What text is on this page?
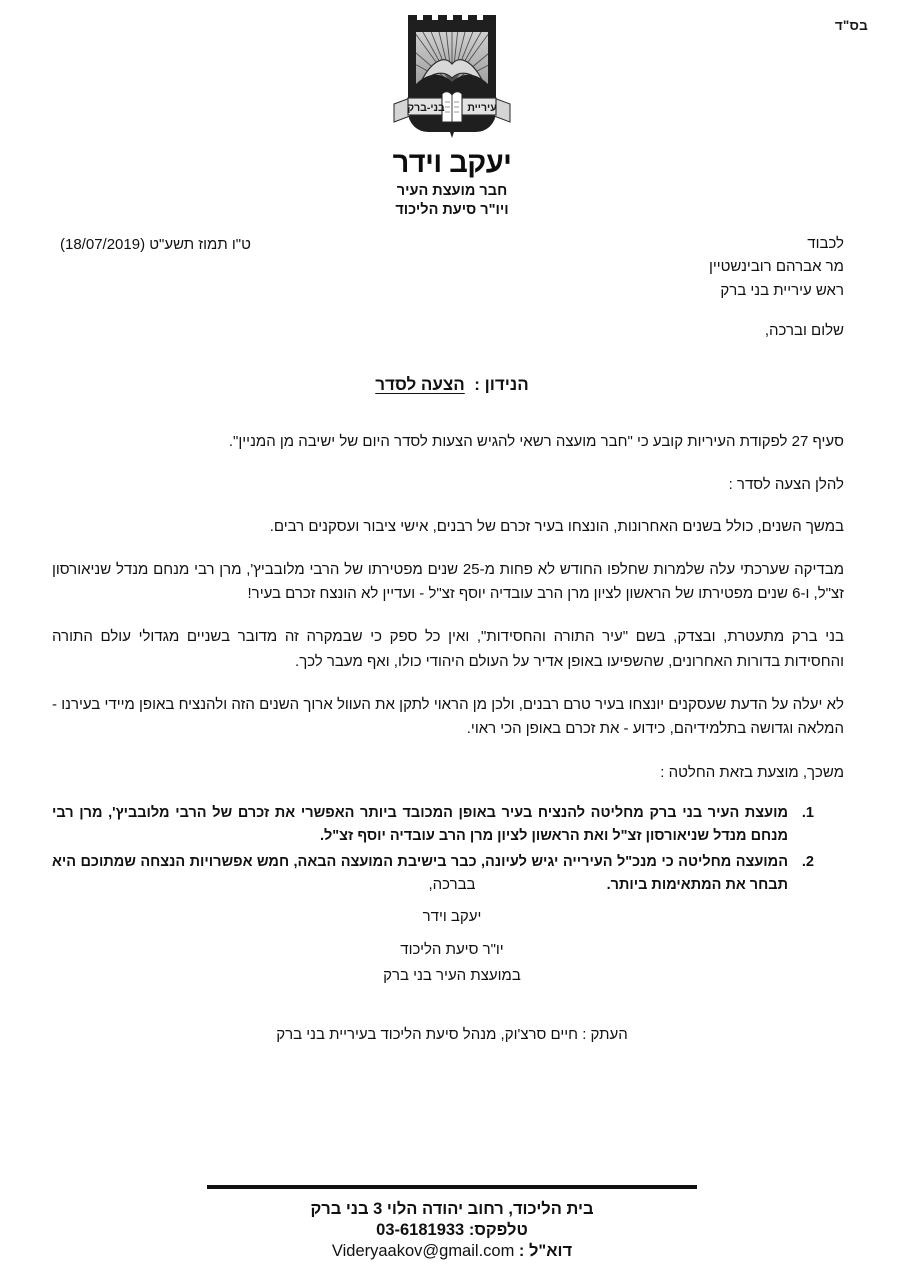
בס"ד
עיריית
בני-ברק
יעקב וידר
חבר מועצת העיר
ויו"ר סיעת הליכוד
לכבוד
מר אברהם רובינשטיין
ראש עיריית בני ברק
ט"ו תמוז תשע"ט (18/07/2019)
שלום וברכה,
הנידון :  הצעה לסדר

סעיף 27 לפקודת העיריות קובע כי "חבר מועצה רשאי להגיש הצעות לסדר היום של ישיבה מן המניין".

להלן הצעה לסדר :

במשך השנים, כולל בשנים האחרונות, הונצחו בעיר זכרם של רבנים, אישי ציבור ועסקנים רבים.

מבדיקה שערכתי עלה שלמרות שחלפו החודש לא פחות מ-25 שנים מפטירתו של הרבי מלובביץ', מרן רבי מנחם מנדל שניאורסון זצ"ל, ו-6 שנים מפטירתו של הראשון לציון מרן הרב עובדיה יוסף זצ"ל - ועדיין לא הונצח זכרם בעיר!

בני ברק מתעטרת, ובצדק, בשם "עיר התורה והחסידות", ואין כל ספק כי שבמקרה זה מדובר בשניים מגדולי עולם התורה והחסידות בדורות האחרונים, שהשפיעו באופן אדיר על העולם היהודי כולו, ואף מעבר לכך.

לא יעלה על הדעת שעסקנים יונצחו בעיר טרם רבנים, ולכן מן הראוי לתקן את העוול ארוך השנים הזה ולהנציח באופן מיידי בעירנו - המלאה וגדושה בתלמידיהם, כידוע - את זכרם באופן הכי ראוי.

משכך, מוצעת בזאת החלטה :

מועצת העיר בני ברק מחליטה להנציח בעיר באופן המכובד ביותר האפשרי את זכרם של הרבי מלובביץ', מרן רבי מנחם מנדל שניאורסון זצ"ל ואת הראשון לציון מרן הרב עובדיה יוסף זצ"ל.
המועצה מחליטה כי מנכ"ל העירייה יגיש לעיונה, כבר בישיבת המועצה הבאה, חמש אפשרויות הנצחה שמתוכם היא תבחר את המתאימות ביותר.
בברכה,
יעקב וידר
יו"ר סיעת הליכוד
במועצת העיר בני ברק
העתק : חיים סרצ'וק, מנהל סיעת הליכוד בעיריית בני ברק
בית הליכוד, רחוב יהודה הלוי 3 בני ברק
טלפקס: 03-6181933
דוא"ל : Videryaakov@gmail.com
